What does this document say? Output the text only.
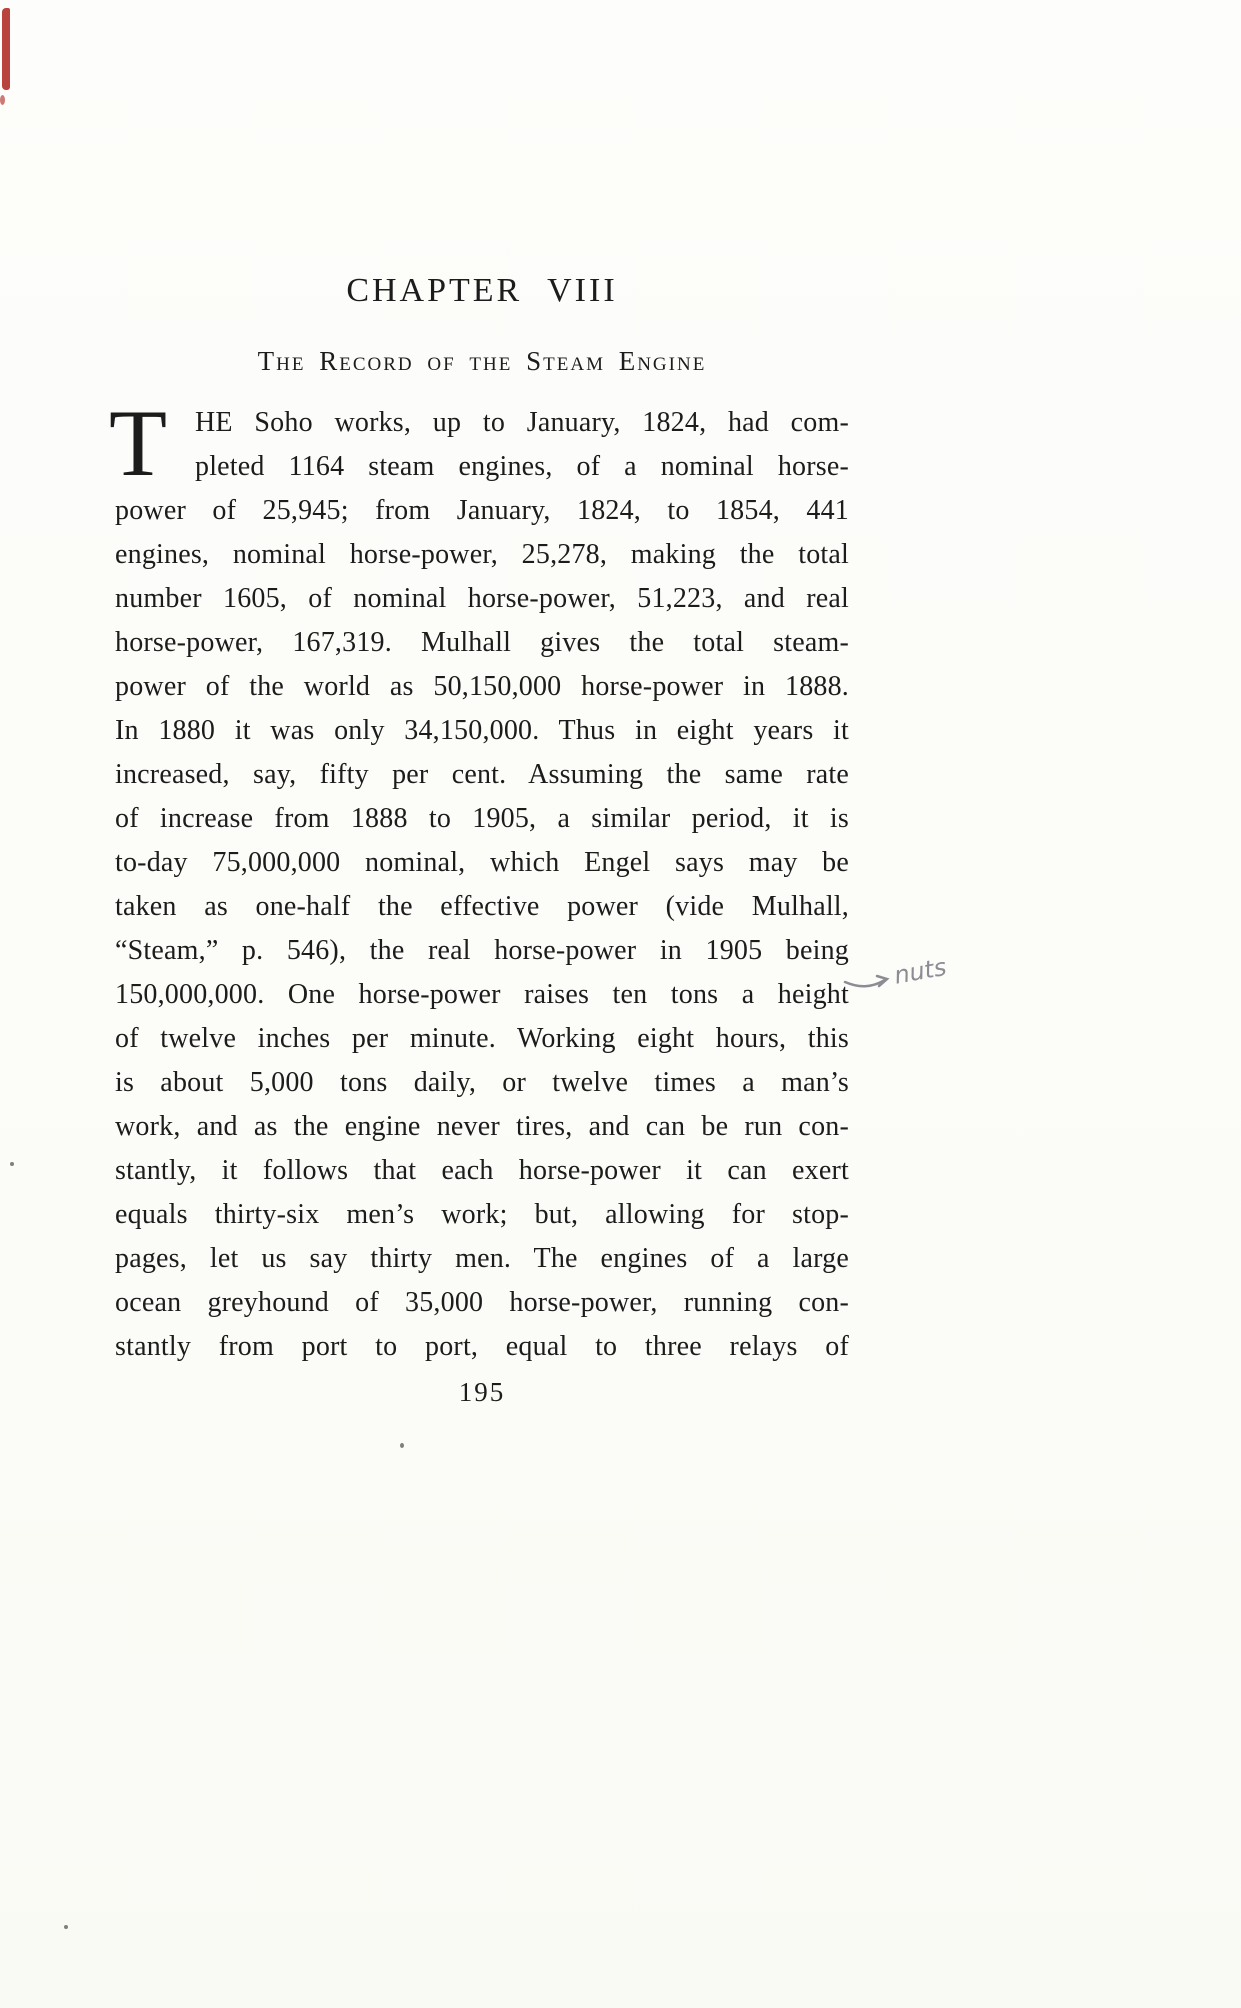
CHAPTER VIII
The Record of the Steam Engine
T HE Soho works, up to January, 1824, had com-
pleted 1164 steam engines, of a nominal horse-
power of 25,945; from January, 1824, to 1854, 441
engines, nominal horse-power, 25,278, making the total
number 1605, of nominal horse-power, 51,223, and real
horse-power, 167,319. Mulhall gives the total steam-
power of the world as 50,150,000 horse-power in 1888.
In 1880 it was only 34,150,000. Thus in eight years it
increased, say, fifty per cent. Assuming the same rate
of increase from 1888 to 1905, a similar period, it is
to-day 75,000,000 nominal, which Engel says may be
taken as one-half the effective power (vide Mulhall,
“Steam,” p. 546), the real horse-power in 1905 being
150,000,000. One horse-power raises ten tons a height
of twelve inches per minute. Working eight hours, this
is about 5,000 tons daily, or twelve times a man’s
work, and as the engine never tires, and can be run con-
stantly, it follows that each horse-power it can exert
equals thirty-six men’s work; but, allowing for stop-
pages, let us say thirty men. The engines of a large
ocean greyhound of 35,000 horse-power, running con-
stantly from port to port, equal to three relays of
195
nuts
